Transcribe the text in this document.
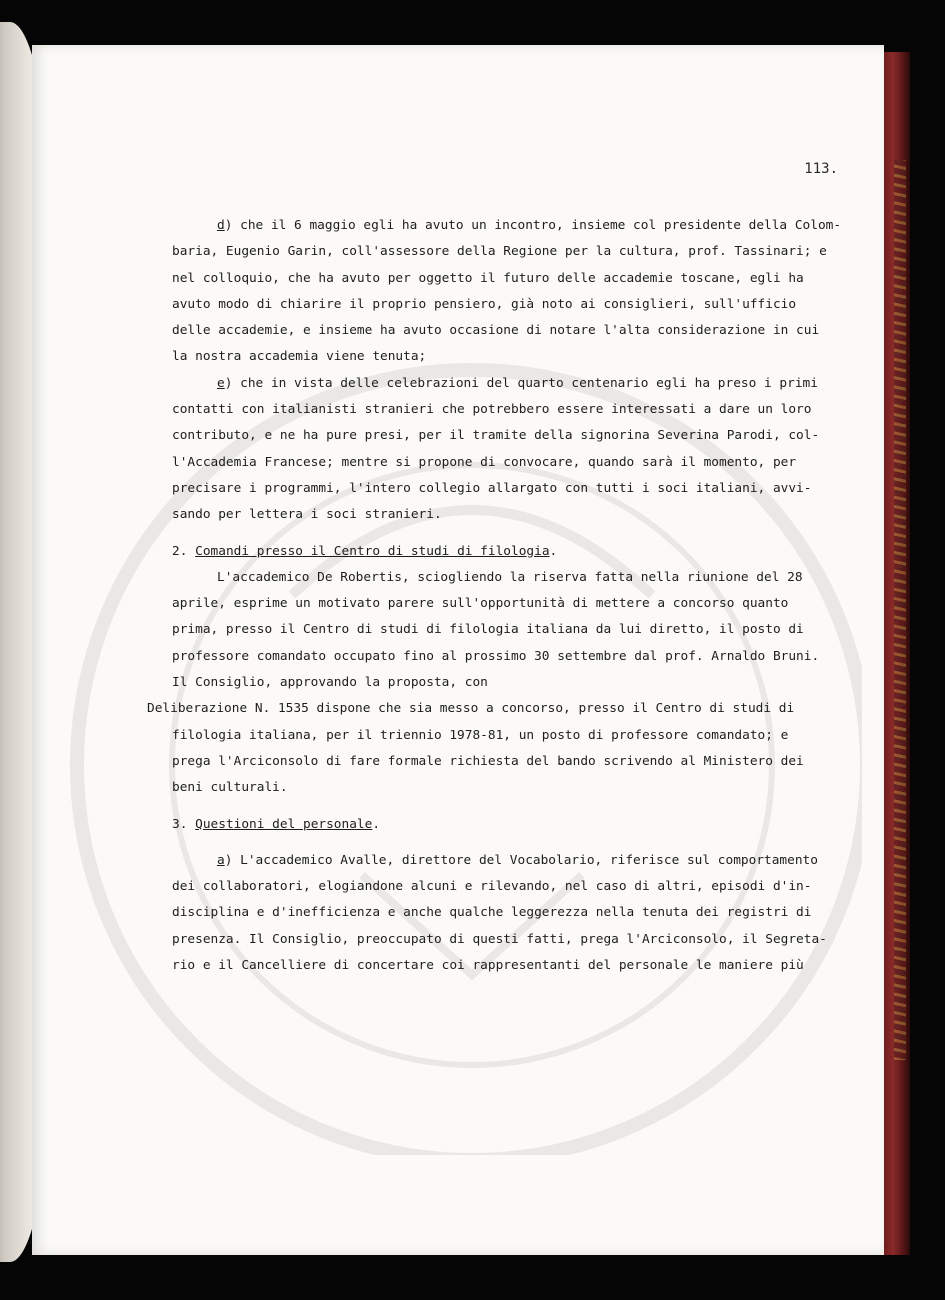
113.
d) che il 6 maggio egli ha avuto un incontro, insieme col presidente della Colom-
baria, Eugenio Garin, coll'assessore della Regione per la cultura, prof. Tassinari; e
nel colloquio, che ha avuto per oggetto il futuro delle accademie toscane, egli ha
avuto modo di chiarire il proprio pensiero, già noto ai consiglieri, sull'ufficio
delle accademie, e insieme ha avuto occasione di notare l'alta considerazione in cui
la nostra accademia viene tenuta;
e) che in vista delle celebrazioni del quarto centenario egli ha preso i primi
contatti con italianisti stranieri che potrebbero essere interessati a dare un loro
contributo, e ne ha pure presi, per il tramite della signorina Severina Parodi, col-
l'Accademia Francese; mentre si propone di convocare, quando sarà il momento, per
precisare i programmi, l'intero collegio allargato con tutti i soci italiani, avvi-
sando per lettera i soci stranieri.
2. Comandi presso il Centro di studi di filologia.
L'accademico De Robertis, sciogliendo la riserva fatta nella riunione del 28
aprile, esprime un motivato parere sull'opportunità di mettere a concorso quanto
prima, presso il Centro di studi di filologia italiana da lui diretto, il posto di
professore comandato occupato fino al prossimo 30 settembre dal prof. Arnaldo Bruni.
Il Consiglio, approvando la proposta, con
Deliberazione N. 1535 dispone che sia messo a concorso, presso il Centro di studi di
filologia italiana, per il triennio 1978-81, un posto di professore comandato; e
prega l'Arciconsolo di fare formale richiesta del bando scrivendo al Ministero dei
beni culturali.
3. Questioni del personale.
a) L'accademico Avalle, direttore del Vocabolario, riferisce sul comportamento
dei collaboratori, elogiandone alcuni e rilevando, nel caso di altri, episodi d'in-
disciplina e d'inefficienza e anche qualche leggerezza nella tenuta dei registri di
presenza. Il Consiglio, preoccupato di questi fatti, prega l'Arciconsolo, il Segreta-
rio e il Cancelliere di concertare coi rappresentanti del personale le maniere più
